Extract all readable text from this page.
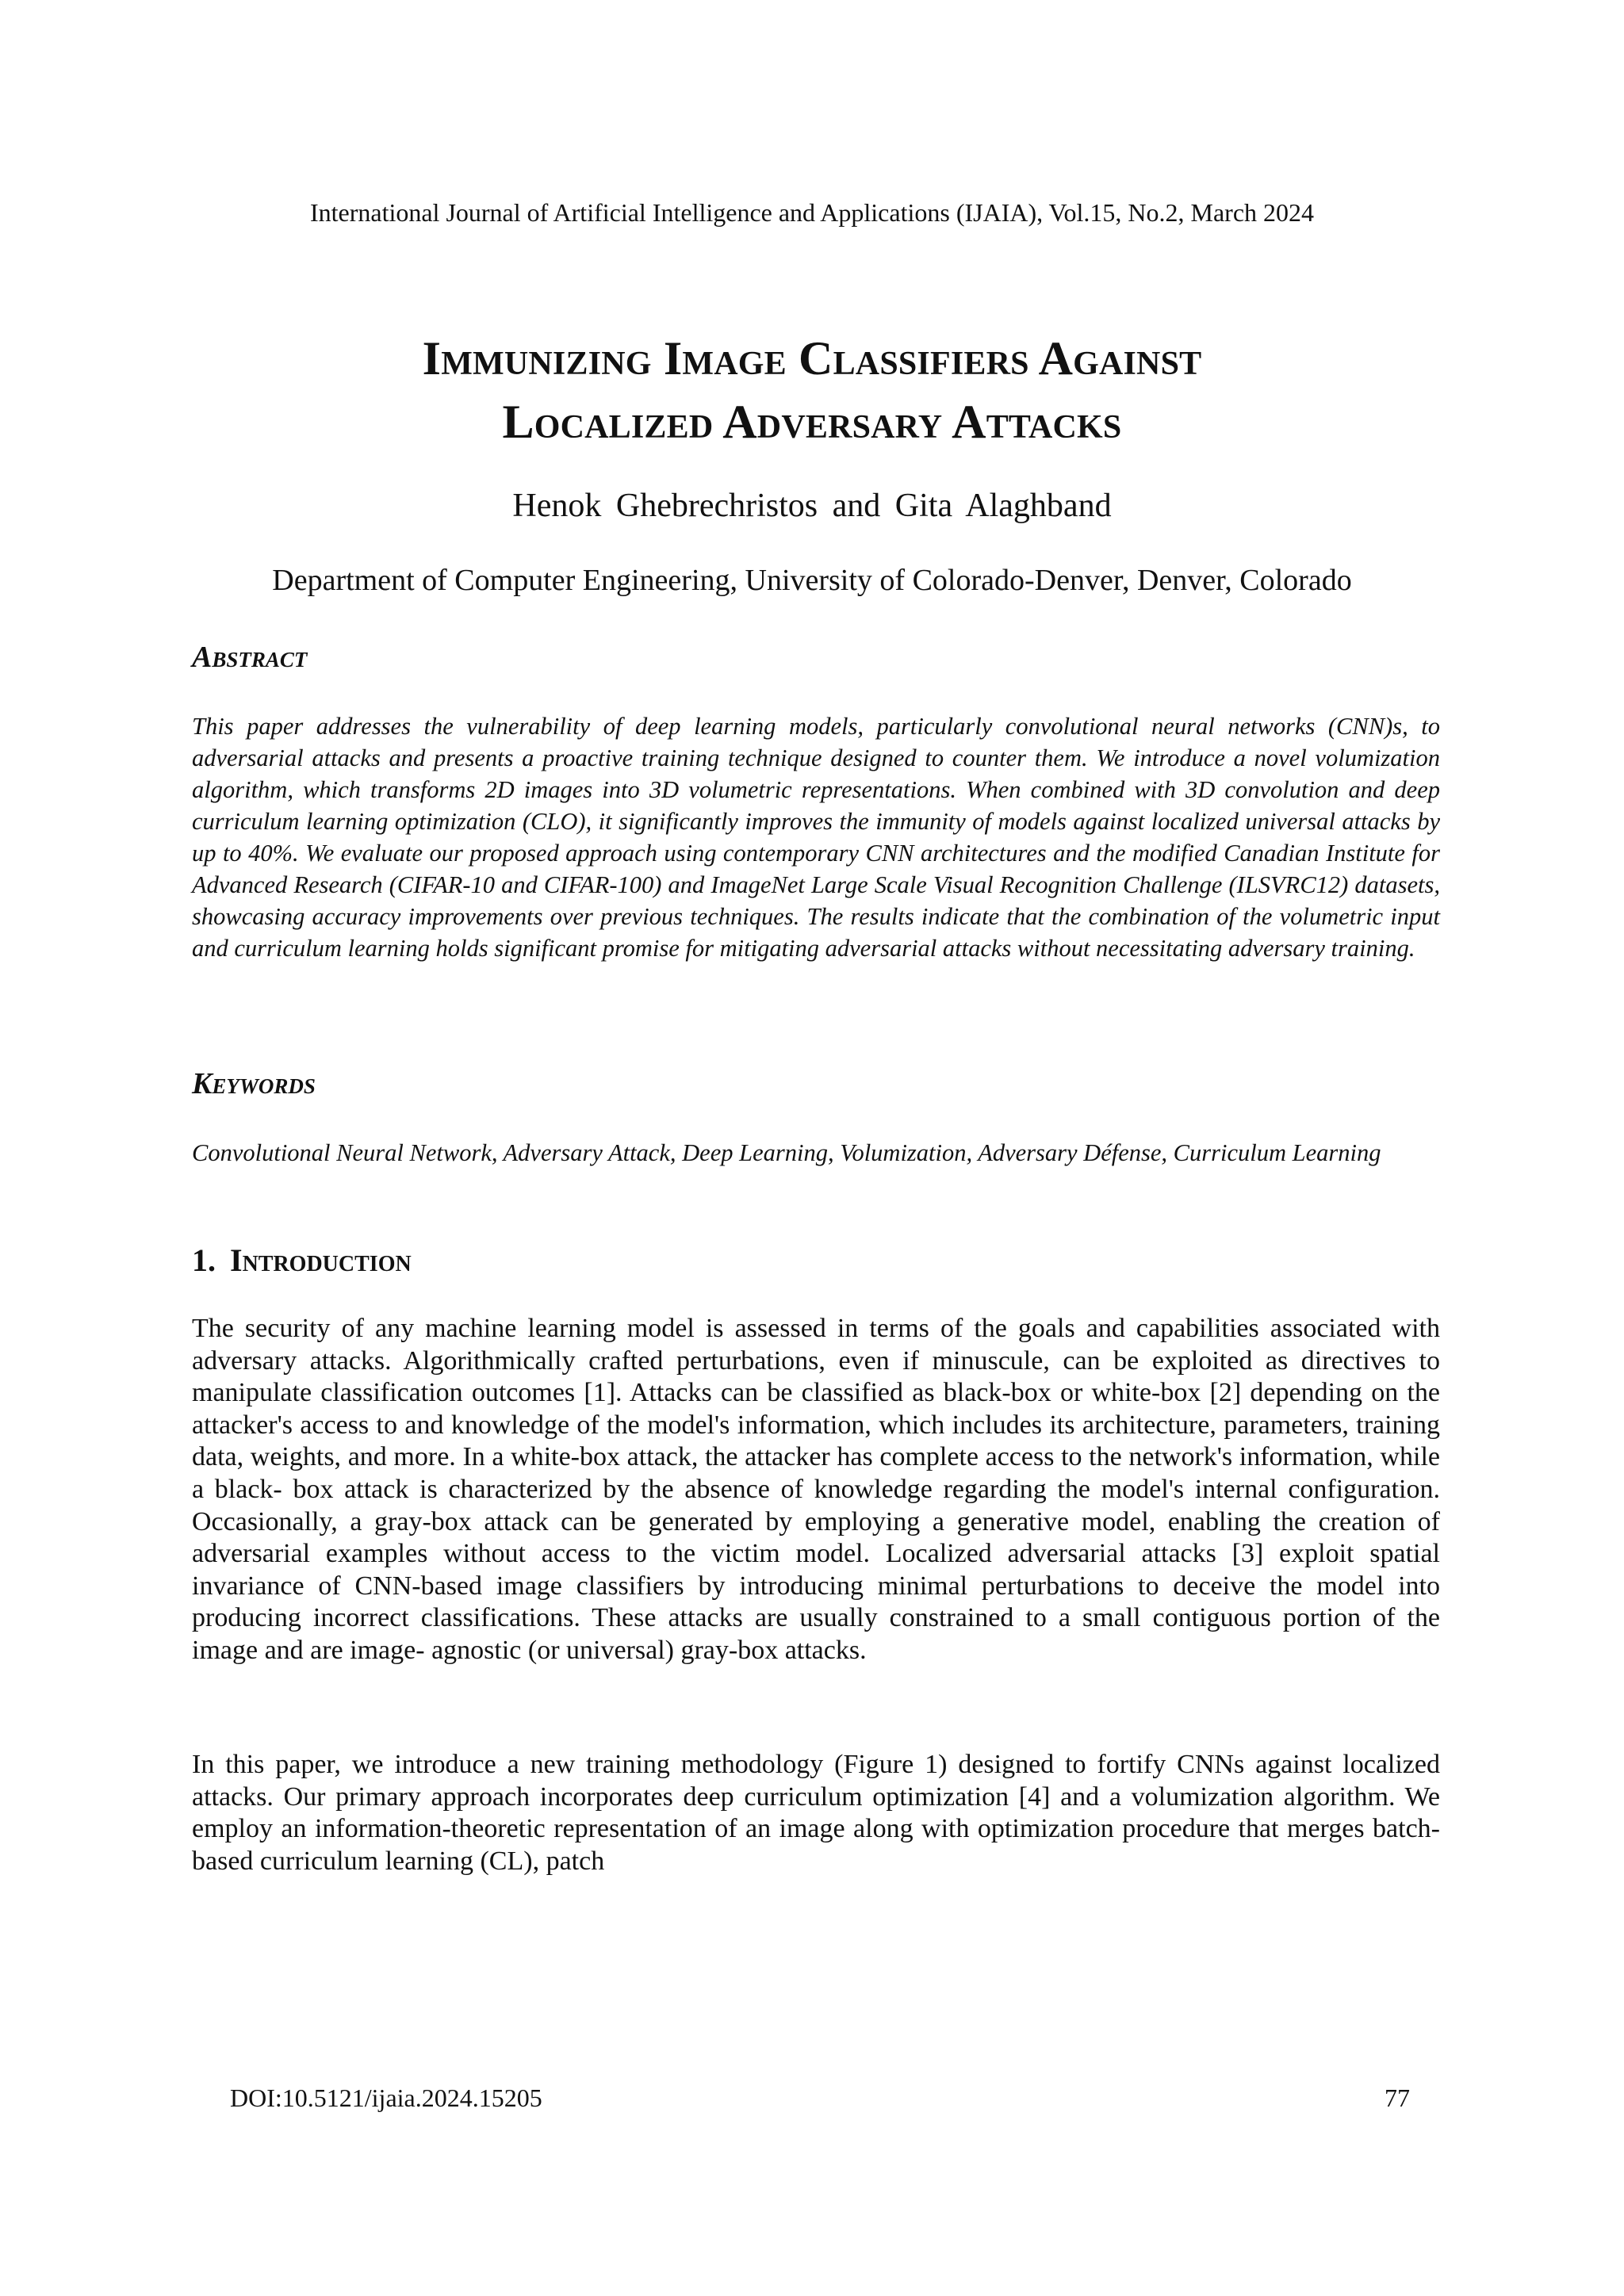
International Journal of Artificial Intelligence and Applications (IJAIA), Vol.15, No.2, March 2024
Immunizing Image Classifiers Against
Localized Adversary Attacks
Henok Ghebrechristos and Gita Alaghband
Department of Computer Engineering, University of Colorado-Denver, Denver, Colorado
Abstract

This paper addresses the vulnerability of deep learning models, particularly convolutional neural networks (CNN)s, to adversarial attacks and presents a proactive training technique designed to counter them. We introduce a novel volumization algorithm, which transforms 2D images into 3D volumetric representations. When combined with 3D convolution and deep curriculum learning optimization (CLO), it significantly improves the immunity of models against localized universal attacks by up to 40%. We evaluate our proposed approach using contemporary CNN architectures and the modified Canadian Institute for Advanced Research (CIFAR-10 and CIFAR-100) and ImageNet Large Scale Visual Recognition Challenge (ILSVRC12) datasets, showcasing accuracy improvements over previous techniques. The results indicate that the combination of the volumetric input and curriculum learning holds significant promise for mitigating adversarial attacks without necessitating adversary training.

Keywords

Convolutional Neural Network, Adversary Attack, Deep Learning, Volumization, Adversary Défense, Curriculum Learning

1. Introduction

The security of any machine learning model is assessed in terms of the goals and capabilities associated with adversary attacks. Algorithmically crafted perturbations, even if minuscule, can be exploited as directives to manipulate classification outcomes [1]. Attacks can be classified as black-box or white-box [2] depending on the attacker's access to and knowledge of the model's information, which includes its architecture, parameters, training data, weights, and more. In a white-box attack, the attacker has complete access to the network's information, while a black- box attack is characterized by the absence of knowledge regarding the model's internal configuration. Occasionally, a gray-box attack can be generated by employing a generative model, enabling the creation of adversarial examples without access to the victim model. Localized adversarial attacks [3] exploit spatial invariance of CNN-based image classifiers by introducing minimal perturbations to deceive the model into producing incorrect classifications. These attacks are usually constrained to a small contiguous portion of the image and are image- agnostic (or universal) gray-box attacks.

In this paper, we introduce a new training methodology (Figure 1) designed to fortify CNNs against localized attacks. Our primary approach incorporates deep curriculum optimization [4] and a volumization algorithm. We employ an information-theoretic representation of an image along with optimization procedure that merges batch-based curriculum learning (CL), patch

DOI:10.5121/ijaia.2024.15205	77
